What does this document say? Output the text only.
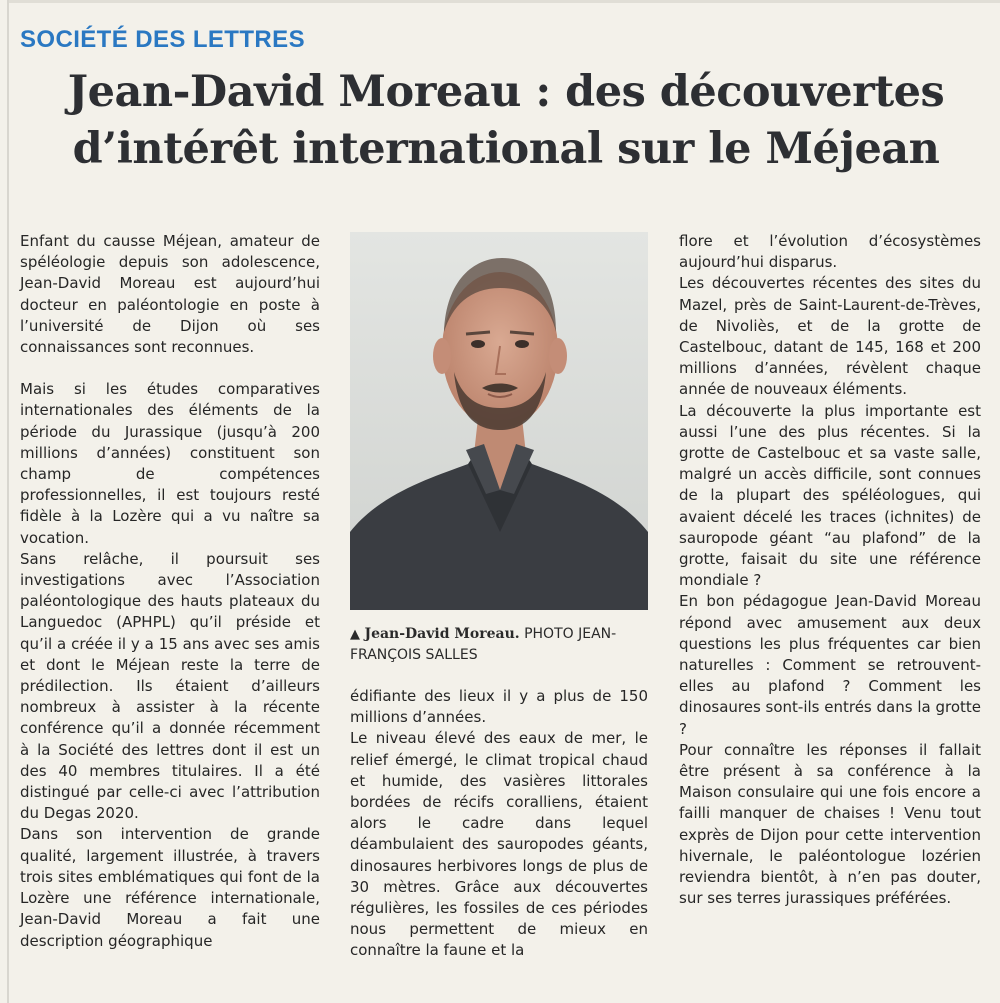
SOCIÉTÉ DES LETTRES
Jean-David Moreau : des découvertes
d’intérêt international sur le Méjean

Enfant du causse Méjean, amateur de spéléologie depuis son adolescence, Jean-David Moreau est aujourd’hui docteur en paléontologie en poste à l’université de Dijon où ses connaissances sont reconnues.

Mais si les études comparatives internationales des éléments de la période du Jurassique (jusqu’à 200 millions d’années) constituent son champ de compétences professionnelles, il est toujours resté fidèle à la Lozère qui a vu naître sa vocation.

Sans relâche, il poursuit ses investigations avec l’Association paléontologique des hauts plateaux du Languedoc (APHPL) qu’il préside et qu’il a créée il y a 15 ans avec ses amis et dont le Méjean reste la terre de prédilection. Ils étaient d’ailleurs nombreux à assister à la récente conférence qu’il a donnée récemment à la Société des lettres dont il est un des 40 membres titulaires. Il a été distingué par celle-ci avec l’attribution du Degas 2020.

Dans son intervention de grande qualité, largement illustrée, à travers trois sites emblématiques qui font de la Lozère une référence internationale, Jean-David Moreau a fait une description géographique

▲ Jean-David Moreau. PHOTO JEAN-FRANÇOIS SALLES

édifiante des lieux il y a plus de 150 millions d’années.

Le niveau élevé des eaux de mer, le relief émergé, le climat tropical chaud et humide, des vasières littorales bordées de récifs coralliens, étaient alors le cadre dans lequel déambulaient des sauropodes géants, dinosaures herbivores longs de plus de 30 mètres. Grâce aux découvertes régulières, les fossiles de ces périodes nous permettent de mieux en connaître la faune et la

flore et l’évolution d’écosystèmes aujourd’hui disparus.

Les découvertes récentes des sites du Mazel, près de Saint-Laurent-de-Trèves, de Nivoliès, et de la grotte de Castelbouc, datant de 145, 168 et 200 millions d’années, révèlent chaque année de nouveaux éléments.

La découverte la plus importante est aussi l’une des plus récentes. Si la grotte de Castelbouc et sa vaste salle, malgré un accès difficile, sont connues de la plupart des spéléologues, qui avaient décelé les traces (ichnites) de sauropode géant “au plafond” de la grotte, faisait du site une référence mondiale ?

En bon pédagogue Jean-David Moreau répond avec amusement aux deux questions les plus fréquentes car bien naturelles : Comment se retrouvent-elles au plafond ? Comment les dinosaures sont-ils entrés dans la grotte ?

Pour connaître les réponses il fallait être présent à sa conférence à la Maison consulaire qui une fois encore a failli manquer de chaises ! Venu tout exprès de Dijon pour cette intervention hivernale, le paléontologue lozérien reviendra bientôt, à n’en pas douter, sur ses terres jurassiques préférées.
